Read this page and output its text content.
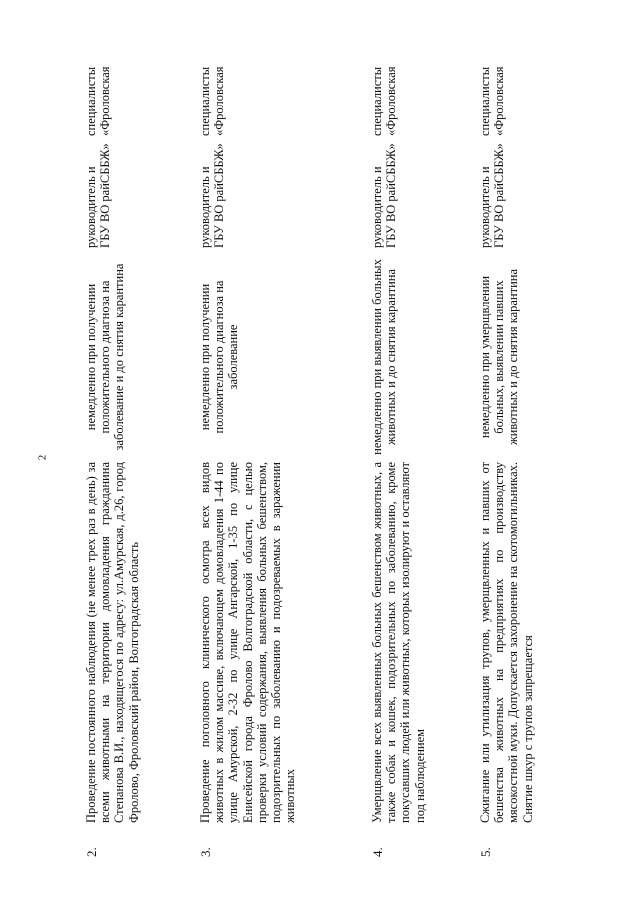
2
2.
Проведение постоянного наблюдения (не менее трех раз в день) за всеми животными на территории домовладения гражданина Степанова В.И., находящегося по адресу: ул.Амурская, д.26, город Фролово, Фроловский район, Волгоградская область
немедленно при получении положительного диагноза на заболевание и до снятия карантина
руководитель и ГБУ ВО райСББЖ»
специалисты «Фроловская
3.
Проведение поголовного клинического осмотра всех видов животных в жилом массиве, включающем домовладения 1-44 по улице Амурской, 2-32 по улице Ангарской, 1-35 по улице Енисейской города Фролово Волгоградской области, с целью проверки условий содержания, выявления больных бешенством, подозрительных по заболеванию и подозреваемых в заражении животных
немедленно при получении положительного диагноза на заболевание
руководитель и ГБУ ВО райСББЖ»
специалисты «Фроловская
4.
Умерщвление всех выявленных больных бешенством животных, а также собак и кошек, подозрительных по заболеванию, кроме покусавших людей или животных, которых изолируют и оставляют под наблюдением
немедленно при выявлении больных животных и до снятия карантина
руководитель и ГБУ ВО райСББЖ»
специалисты «Фроловская
5.
Сжигание или утилизация трупов, умерщвленных и павших от бешенства животных на предприятиях по производству мясокостной муки. Допускается захоронение на скотомогильниках. Снятие шкур с трупов запрещается
немедленно при умерщвлении больных, выявлении павших животных и до снятия карантина
руководитель и ГБУ ВО райСББЖ»
специалисты «Фроловская
